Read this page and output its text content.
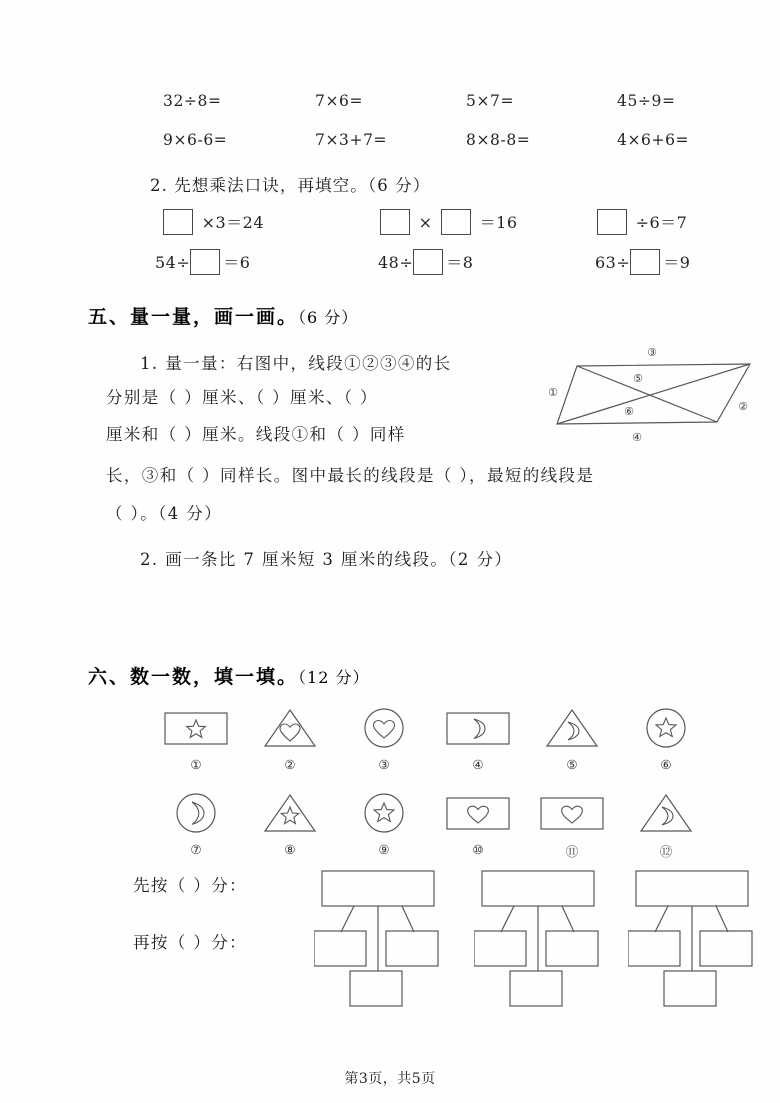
32÷8=	7×6=	5×7=	45÷9=
9×6-6=	7×3+7=	8×8-8=	4×6+6=
2. 先想乘法口诀，再填空。（6 分）
×3＝24	×  ＝16	÷6＝7
54÷ ＝6	48÷ ＝8	63÷ ＝9
五、量一量，画一画。（6 分）
1. 量一量：右图中，线段①②③④的长
分别是（ ）厘米、（ ）厘米、（ ）
厘米和（ ）厘米。线段①和（ ）同样
长，③和（ ）同样长。图中最长的线段是（ ），最短的线段是
（ ）。（4 分）
2. 画一条比 7 厘米短 3 厘米的线段。（2 分）
③
①
②
④
⑤
⑥
六、数一数，填一填。（12 分）
①	②	③	④	⑤	⑥
⑦	⑧	⑨	⑩	⑪	⑫
先按（ ）分：
再按（ ）分：
第3页，共5页
